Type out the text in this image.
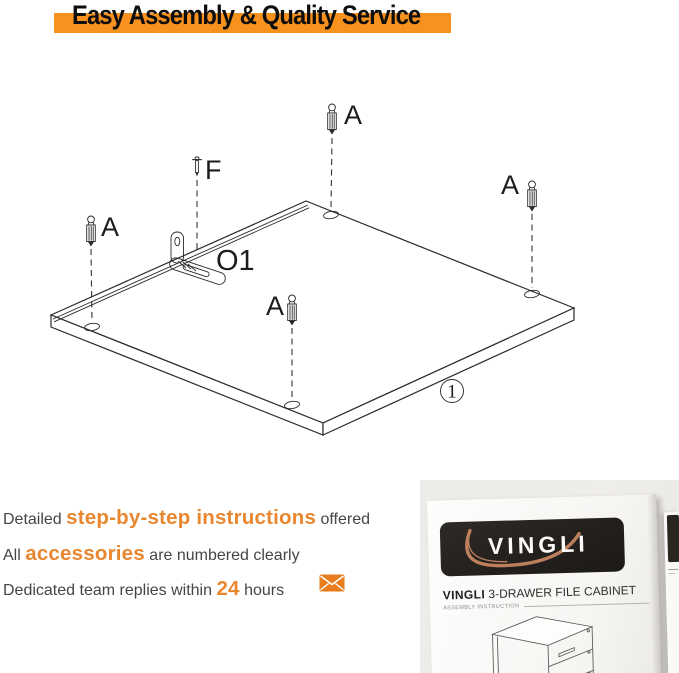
Easy Assembly & Quality Service
A
A
A
A
F
O1
1
Detailed step-by-step instructions offered
All accessories are numbered clearly
Dedicated team replies within 24 hours
VINGLI
VINGLI 3-DRAWER FILE CABINET
ASSEMBLY INSTRUCTION
